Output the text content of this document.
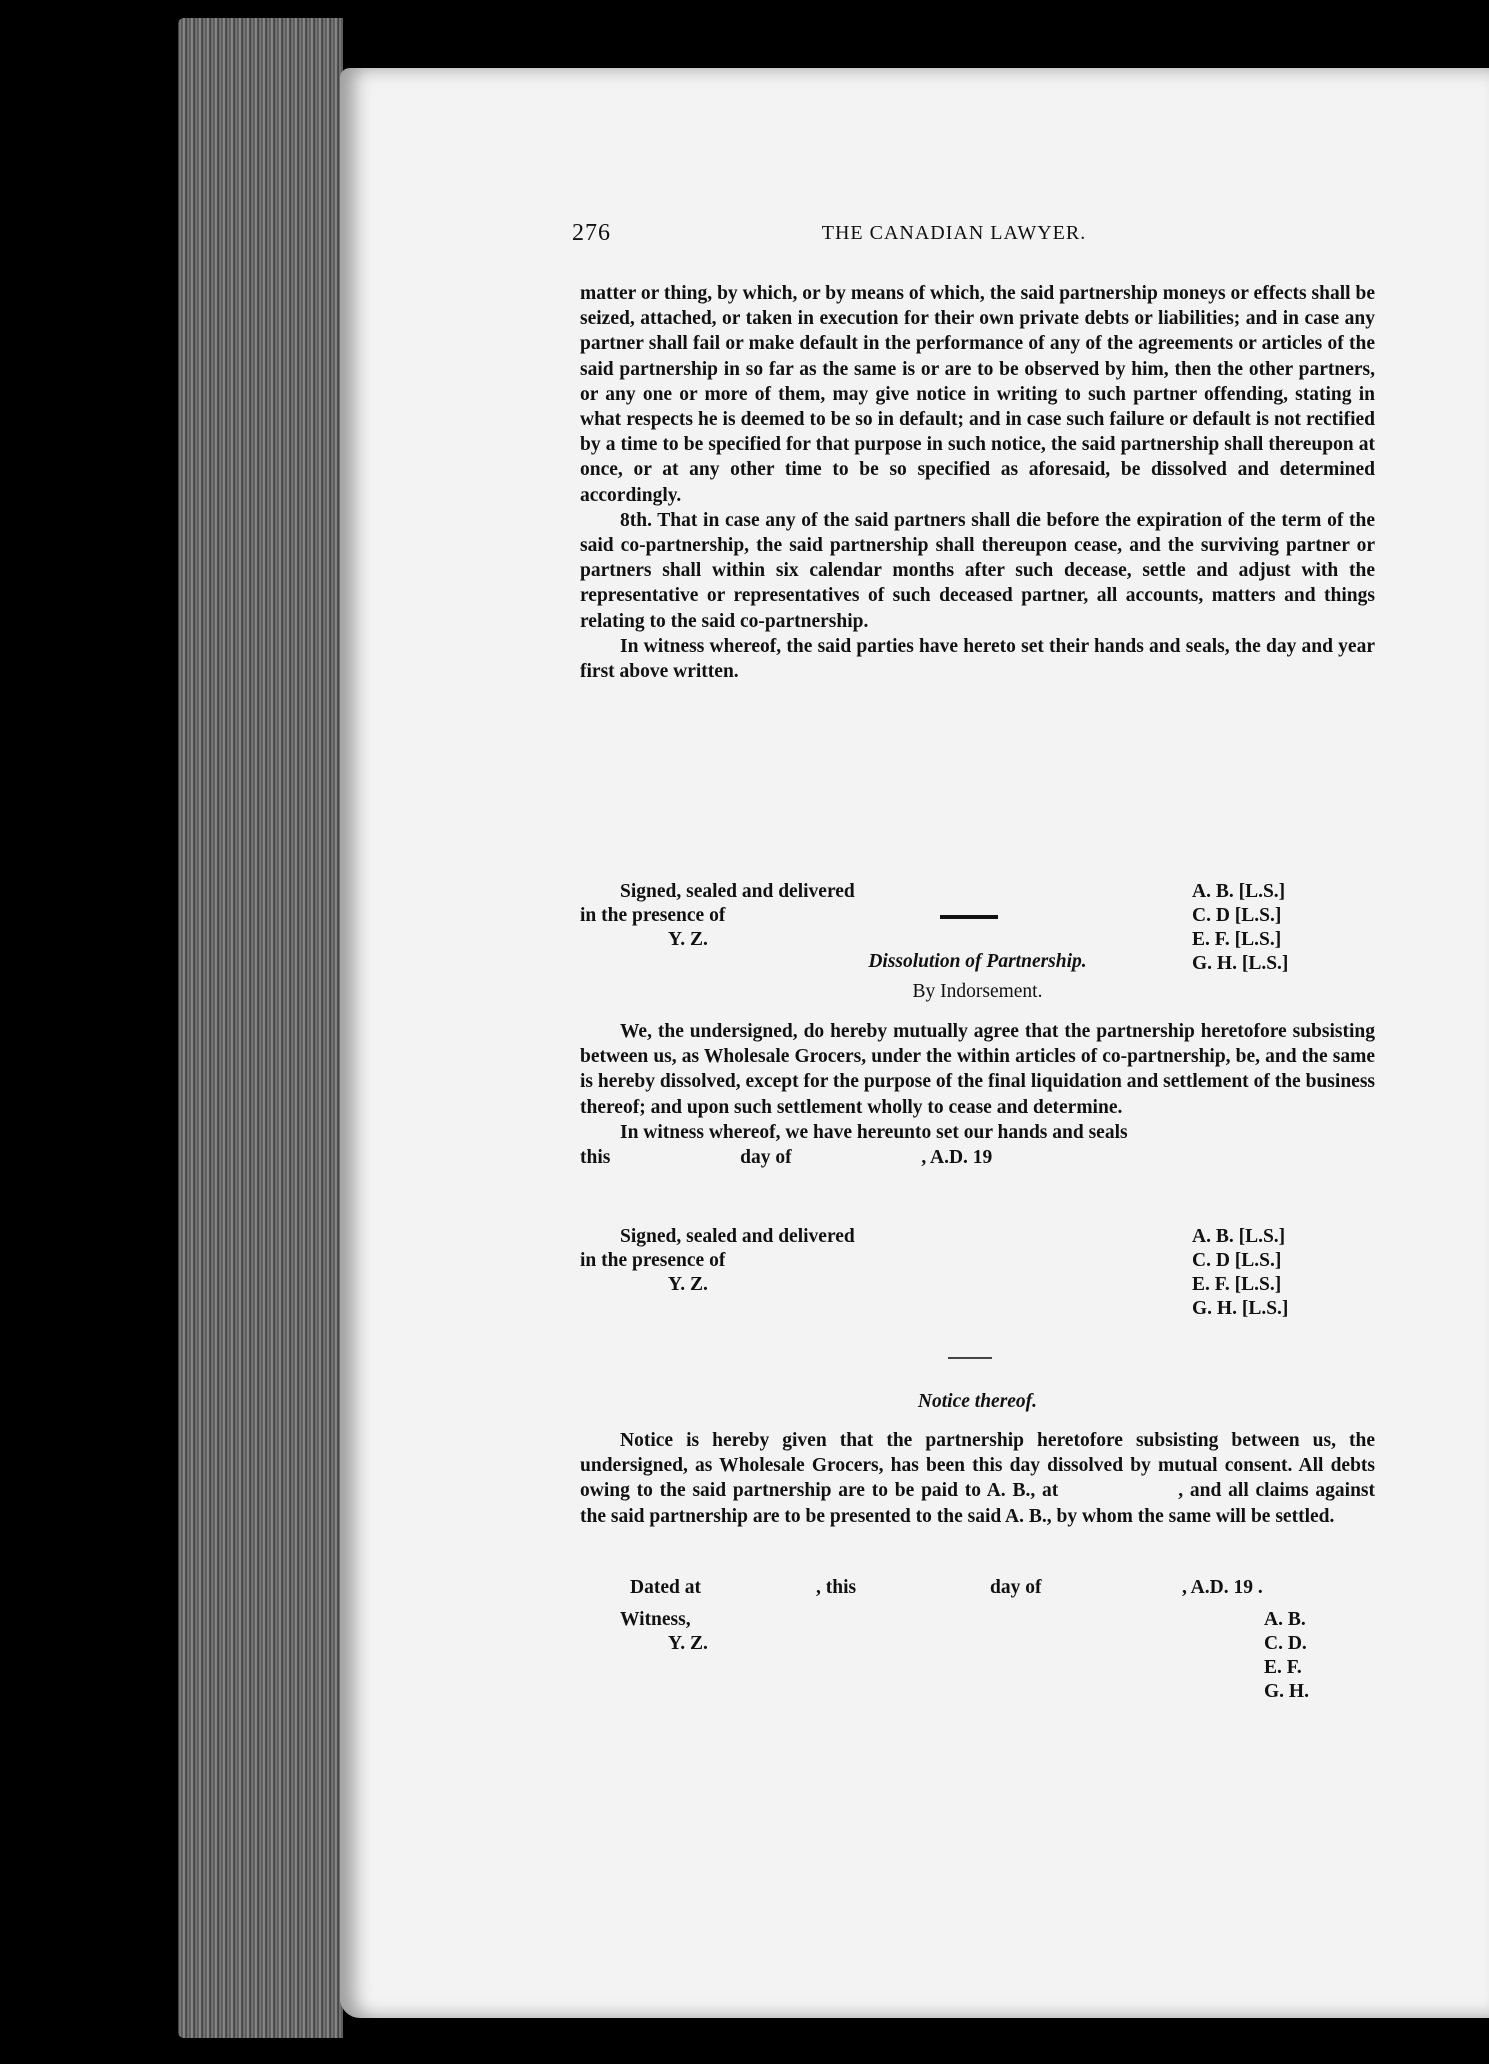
276	THE CANADIAN LAWYER.

matter or thing, by which, or by means of which, the said partnership moneys or effects shall be seized, attached, or taken in execution for their own private debts or liabilities; and in case any partner shall fail or make default in the performance of any of the agreements or articles of the said partnership in so far as the same is or are to be observed by him, then the other partners, or any one or more of them, may give notice in writing to such partner offending, stating in what respects he is deemed to be so in default; and in case such failure or default is not rectified by a time to be specified for that purpose in such notice, the said partnership shall thereupon at once, or at any other time to be so specified as aforesaid, be dissolved and determined accordingly.

8th. That in case any of the said partners shall die before the expiration of the term of the said co-partnership, the said partnership shall thereupon cease, and the surviving partner or partners shall within six calendar months after such decease, settle and adjust with the representative or representatives of such deceased partner, all accounts, matters and things relating to the said co-partnership.

In witness whereof, the said parties have hereto set their hands and seals, the day and year first above written.

Signed, sealed and delivered
in the presence of
Y. Z.
A. B. [L.S.]
C. D [L.S.]
E. F. [L.S.]
G. H. [L.S.]
Dissolution of Partnership.
By Indorsement.

We, the undersigned, do hereby mutually agree that the partnership heretofore subsisting between us, as Wholesale Grocers, under the within articles of co-partnership, be, and the same is hereby dissolved, except for the purpose of the final liquidation and settlement of the business thereof; and upon such settlement wholly to cease and determine.

In witness whereof, we have hereunto set our hands and seals

this	day of	, A.D. 19

Signed, sealed and delivered
in the presence of
Y. Z.
A. B. [L.S.]
C. D [L.S.]
E. F. [L.S.]
G. H. [L.S.]
Notice thereof.

Notice is hereby given that the partnership heretofore subsisting between us, the undersigned, as Wholesale Grocers, has been this day dissolved by mutual consent. All debts owing to the said partnership are to be paid to A. B., at	, and all claims against the said partnership are to be presented to the said A. B., by whom the same will be settled.

Dated at	, this	day of	, A.D. 19 .
Witness,
Y. Z.
A. B.
C. D.
E. F.
G. H.
